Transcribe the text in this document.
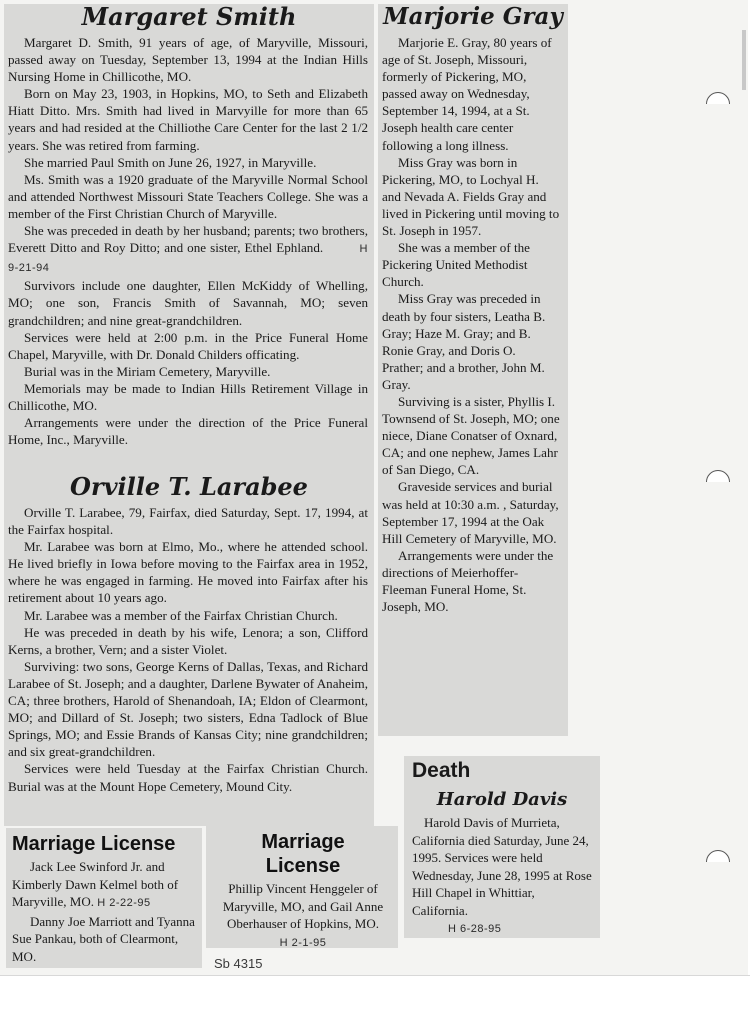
Margaret Smith

Margaret D. Smith, 91 years of age, of Maryville, Missouri, passed away on Tuesday, September 13, 1994 at the Indian Hills Nursing Home in Chillicothe, MO.

Born on May 23, 1903, in Hopkins, MO, to Seth and Elizabeth Hiatt Ditto. Mrs. Smith had lived in Marvyille for more than 65 years and had resided at the Chilliothe Care Center for the last 2 1/2 years. She was retired from farming.

She married Paul Smith on June 26, 1927, in Maryville.

Ms. Smith was a 1920 graduate of the Maryville Normal School and attended Northwest Missouri State Teachers College. She was a member of the First Christian Church of Maryville.

She was preceded in death by her husband; parents; two brothers, Everett Ditto and Roy Ditto; and one sister, Ethel Ephland.	H 9-21-94

Survivors include one daughter, Ellen McKiddy of Whelling, MO; one son, Francis Smith of Savannah, MO; seven grandchildren; and nine great-grandchildren.

Services were held at 2:00 p.m. in the Price Funeral Home Chapel, Maryville, with Dr. Donald Childers officating.

Burial was in the Miriam Cemetery, Maryville.

Memorials may be made to Indian Hills Retirement Village in Chillicothe, MO.

Arrangements were under the direction of the Price Funeral Home, Inc., Maryville.

Marjorie Gray

Marjorie E. Gray, 80 years of age of St. Joseph, Missouri, formerly of Pickering, MO, passed away on Wednesday, September 14, 1994, at a St. Joseph health care center following a long illness.

Miss Gray was born in Pickering, MO, to Lochyal H. and Nevada A. Fields Gray and lived in Pickering until moving to St. Joseph in 1957.

She was a member of the Pickering United Methodist Church.

Miss Gray was preceded in death by four sisters, Leatha B. Gray; Haze M. Gray; and B. Ronie Gray, and Doris O. Prather; and a brother, John M. Gray.

Surviving is a sister, Phyllis I. Townsend of St. Joseph, MO; one niece, Diane Conatser of Oxnard, CA; and one nephew, James Lahr of San Diego, CA.

Graveside services and burial was held at 10:30 a.m. , Saturday, September 17, 1994 at the Oak Hill Cemetery of Maryville, MO.

Arrangements were under the directions of Meierhoffer-Fleeman Funeral Home, St. Joseph, MO.

Orville T. Larabee

Orville T. Larabee, 79, Fairfax, died Saturday, Sept. 17, 1994, at the Fairfax hospital.

Mr. Larabee was born at Elmo, Mo., where he attended school. He lived briefly in Iowa before moving to the Fairfax area in 1952, where he was engaged in farming. He moved into Fairfax after his retirement about 10 years ago.

Mr. Larabee was a member of the Fairfax Christian Church.

He was preceded in death by his wife, Lenora; a son, Clifford Kerns, a brother, Vern; and a sister Violet.

Surviving: two sons, George Kerns of Dallas, Texas, and Richard Larabee of St. Joseph; and a daughter, Darlene Bywater of Anaheim, CA; three brothers, Harold of Shenandoah, IA; Eldon of Clearmont, MO; and Dillard of St. Joseph; two sisters, Edna Tadlock of Blue Springs, MO; and Essie Brands of Kansas City; nine grandchildren; and six great-grandchildren.

Services were held Tuesday at the Fairfax Christian Church. Burial was at the Mount Hope Cemetery, Mound City.

Marriage License

Jack Lee Swinford Jr. and Kimberly Dawn Kelmel both of Maryville, MO. H 2-22-95

Danny Joe Marriott and Tyanna Sue Pankau, both of Clearmont, MO.

Marriage
License
Phillip Vincent Henggeler of Maryville, MO, and Gail Anne Oberhauser of Hopkins, MO.
H 2-1-95
Death
Harold Davis

Harold Davis of Murrieta, California died Saturday, June 24, 1995. Services were held Wednesday, June 28, 1995 at Rose Hill Chapel in Whittiar, California.

H 6-28-95
Sb 4315
